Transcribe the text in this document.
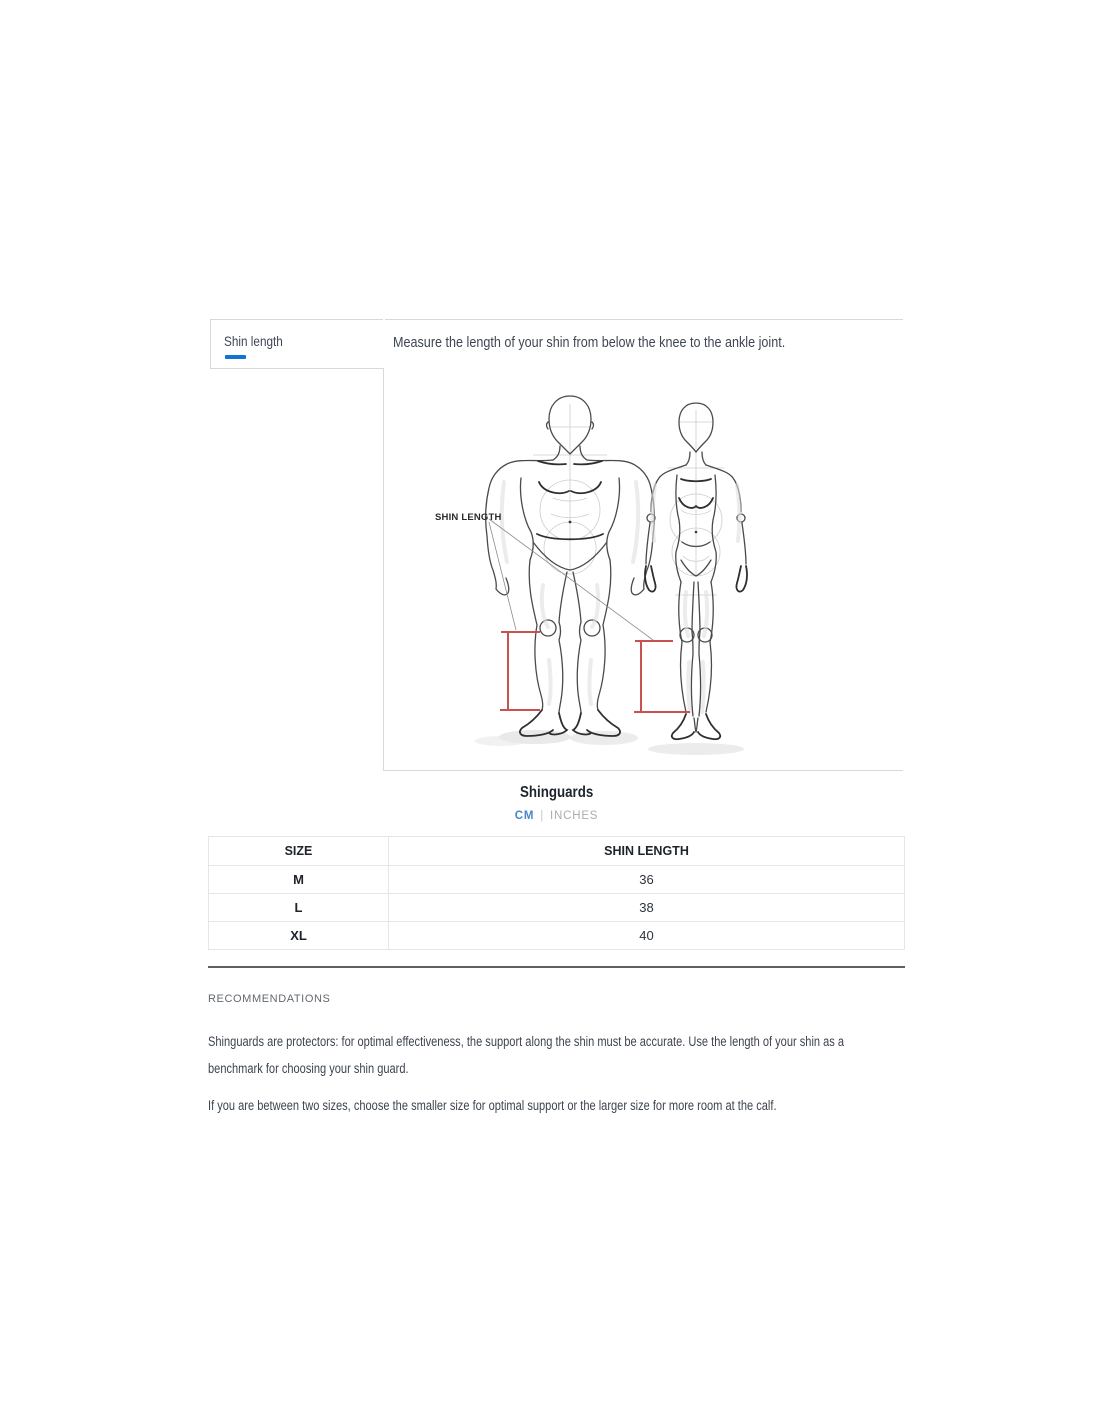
Shin length	Measure the length of your shin from below the knee to the ankle joint.
SHIN LENGTH
Shinguards
CM | INCHES
SIZE	SHIN LENGTH
M	36
L	38
XL	40
RECOMMENDATIONS
Shinguards are protectors: for optimal effectiveness, the support along the shin must be accurate. Use the length of your shin as a benchmark for choosing your shin guard.
If you are between two sizes, choose the smaller size for optimal support or the larger size for more room at the calf.
